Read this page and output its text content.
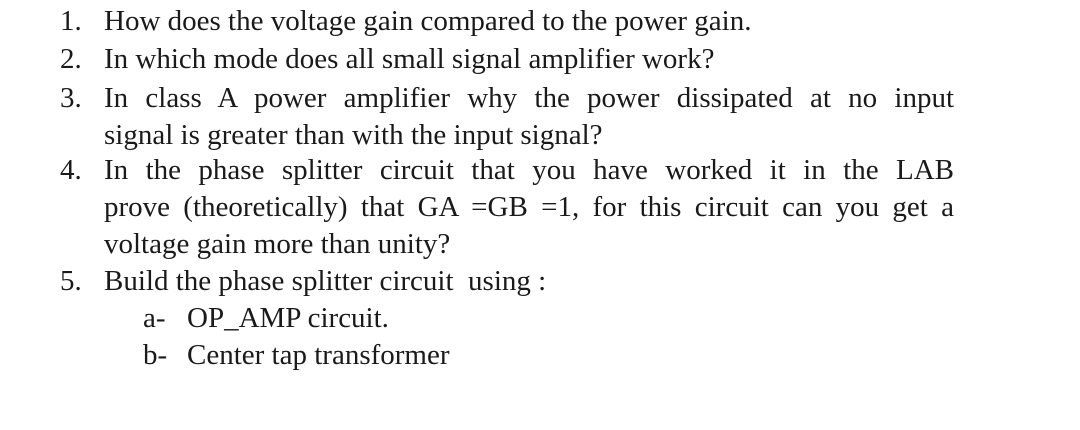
1. How does the voltage gain compared to the power gain.
2. In which mode does all small signal amplifier work?
3. In class A power amplifier why the power dissipated at no input
signal is greater than with the input signal?
4. In the phase splitter circuit that you have worked it in the LAB
prove (theoretically) that GA =GB =1, for this circuit can you get a
voltage gain more than unity?
5. Build the phase splitter circuit  using :
a- OP_AMP circuit.
b- Center tap transformer
